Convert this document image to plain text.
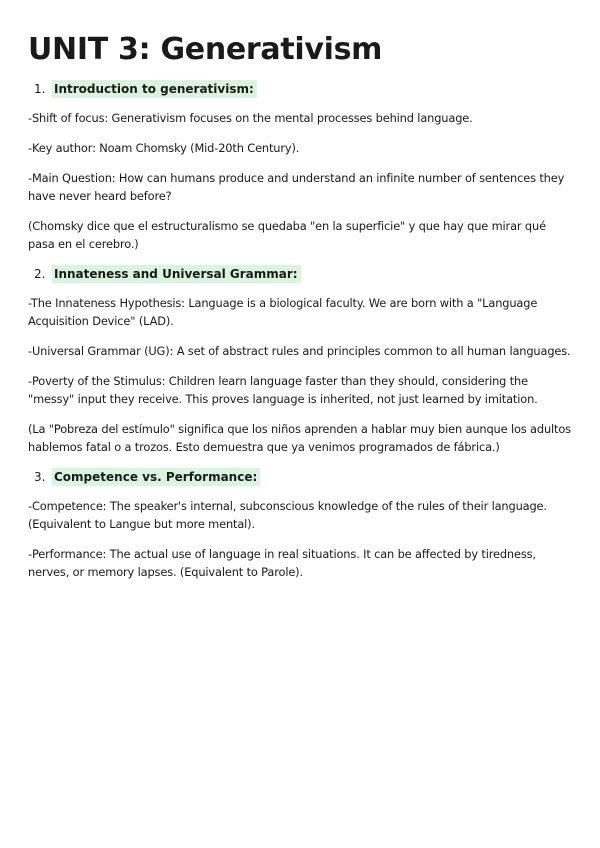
UNIT 3: Generativism
1. Introduction to generativism:

-Shift of focus: Generativism focuses on the mental processes behind language.

-Key author: Noam Chomsky (Mid-20th Century).

-Main Question: How can humans produce and understand an infinite number of sentences they have never heard before?

(Chomsky dice que el estructuralismo se quedaba "en la superficie" y que hay que mirar qué pasa en el cerebro.)

2. Innateness and Universal Grammar:

-The Innateness Hypothesis: Language is a biological faculty. We are born with a "Language Acquisition Device" (LAD).

-Universal Grammar (UG): A set of abstract rules and principles common to all human languages.

-Poverty of the Stimulus: Children learn language faster than they should, considering the "messy" input they receive. This proves language is inherited, not just learned by imitation.

(La "Pobreza del estímulo" significa que los niños aprenden a hablar muy bien aunque los adultos hablemos fatal o a trozos. Esto demuestra que ya venimos programados de fábrica.)

3. Competence vs. Performance:

-Competence: The speaker's internal, subconscious knowledge of the rules of their language. (Equivalent to Langue but more mental).

-Performance: The actual use of language in real situations. It can be affected by tiredness, nerves, or memory lapses. (Equivalent to Parole).
